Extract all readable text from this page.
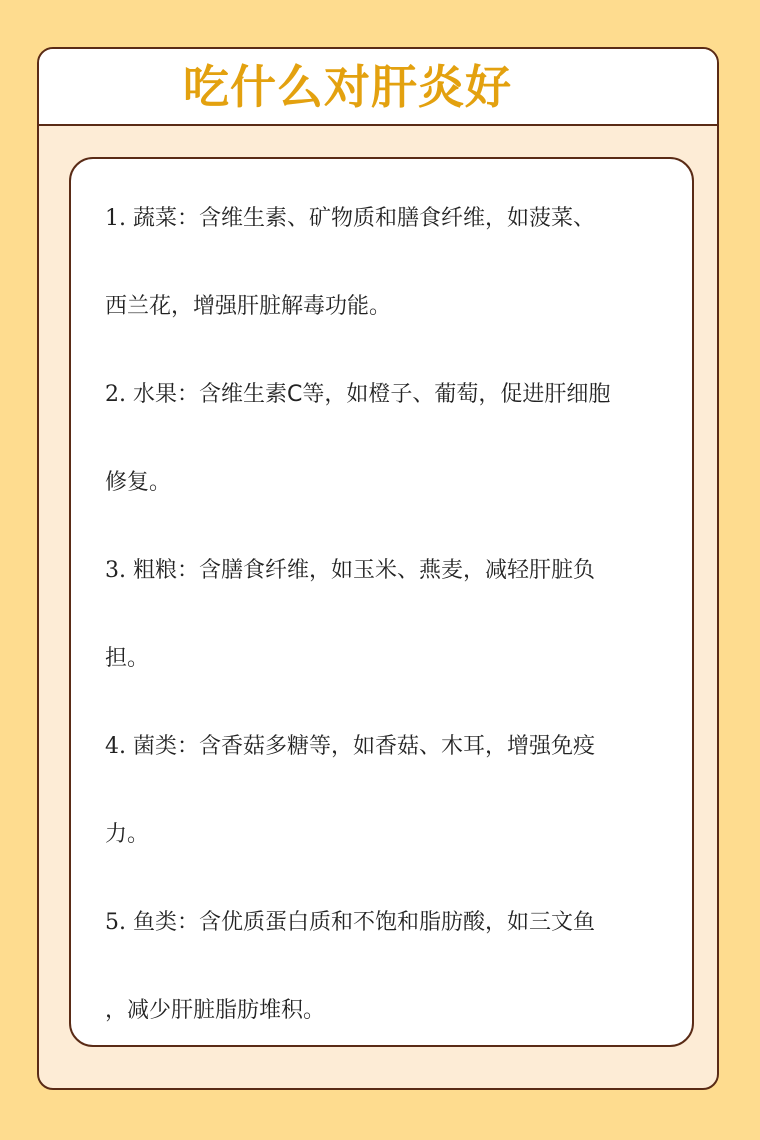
吃什么对肝炎好
1. 蔬菜：含维生素、矿物质和膳食纤维，如菠菜、
西兰花，增强肝脏解毒功能。
2. 水果：含维生素C等，如橙子、葡萄，促进肝细胞
修复。
3. 粗粮：含膳食纤维，如玉米、燕麦，减轻肝脏负
担。
4. 菌类：含香菇多糖等，如香菇、木耳，增强免疫
力。
5. 鱼类：含优质蛋白质和不饱和脂肪酸，如三文鱼
，减少肝脏脂肪堆积。
